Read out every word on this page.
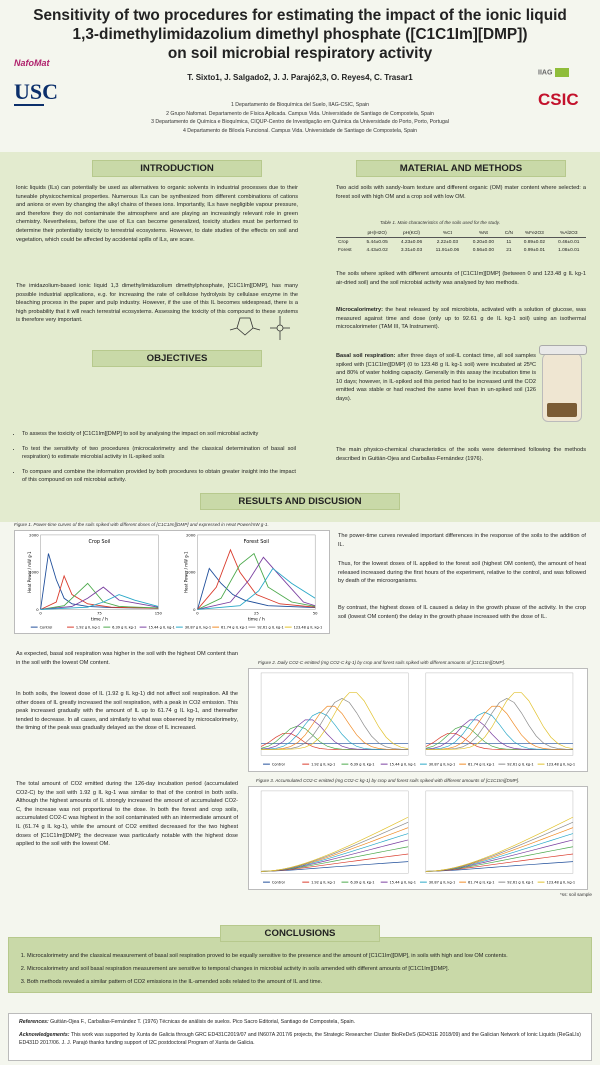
Sensitivity of two procedures for estimating the impact of the ionic liquid
1,3-dimethylimidazolium dimethyl phosphate ([C1C1Im][DMP])
on soil microbial respiratory activity
NafoMat
USC
IIAG
CSIC
T. Sixto1, J. Salgado2, J. J. Parajó2,3, O. Reyes4, C. Trasar1
1 Departamento de Bioquímica del Suelo, IIAG-CSIC, Spain
2 Grupo Nafomat. Departamento de Física Aplicada. Campus Vida. Universidade de Santiago de Compostela, Spain
3 Departamento de Química e Bioquímica, CIQUP-Centro de Investigação em Química da Universidade do Porto, Porto, Portugal
4 Departamento de Biloxía Funcional. Campus Vida. Universidade de Santiago de Compostela, Spain
INTRODUCTION
Ionic liquids (ILs) can potentially be used as alternatives to organic solvents in industrial processes due to their tuneable physicochemical properties. Numerous ILs can be synthesized from different combinations of cations and anions or even by changing the alkyl chains of theses ions. Importantly, ILs have negligible vapour pressure, and therefore they do not contaminate the atmosphere and are playing an increasingly relevant role in green chemistry. Nevertheless, before the use of ILs can become generalized, toxicity studies must be performed to determine their potentiality toxicity to terrestrial ecosystems. However, to date studies of the effects on soil and vegetation, which could be affected by accidental spills of ILs, are scare.
The imidazolium-based ionic liquid 1,3 dimethylimidazolium dimethylphosphate, [C1C1Im][DMP], has many possible industrial applications, e.g. for increasing the rate of cellulose hydrolysis by cellulase enzyme in the bleaching process in the paper and pulp industry. However, if the use of this IL becomes widespread, there is a high probability that it will reach terrestrial ecosystems. Assessing the toxicity of this compound to these systems is therefore very important.
OBJECTIVES
• To assess the toxicity of [C1C1Im][DMP] to soil by analysing the impact on soil microbial activity
• To test the sensitivity of two procedures (microcalorimetry and the classical determination of basal soil respiration) to estimate microbial activity in IL-spiked soils
• To compare and combine the information provided by both procedures to obtain greater insight into the impact of this compound on soil microbial activity.
MATERIAL AND METHODS
Two acid soils with sandy-loam texture and different organic (OM) mater content where selected: a forest soil with high OM and a crop soil with low OM.
Table 1. Main characteristics of the soils used for the study.
	pH(H2O)	pH(KCl)	%Ct	%Nt	C/N	%Fe2O3	%Al2O3
Crop	5.44±0.05	4.23±0.06	2.22±0.03	0.20±0.00	11	0.89±0.02	0.46±0.01
Forest	4.43±0.02	3.31±0.03	11.91±0.06	0.56±0.00	21	0.99±0.01	1.08±0.01
The soils where spiked with different amounts of [C1C1Im][DMP] (between 0 and 123.48 g IL kg-1 air-dried soil) and the soil microbial activity was analysed by two methods.
Microcalorimetry: the heat released by soil microbiota, activated with a solution of glucose, was measured against time and dose (only up to 92.61 g de IL kg-1 soil) using an isothermal microcalorimeter (TAM III, TA Instrument).
Basal soil respiration: after three days of soil-IL contact time, all soil samples spiked with [C1C1Im][DMP] (0 to 123.48 g IL kg-1 soil) were incubated at 25ºC and 80% of water holding capacity. Generally in this assay the incubation time is 10 days; however, in IL-spiked soil this period had to be increased until the CO2 emitted was stable or had reached the same level than in un-spiked soil (126 days).
The main physico-chemical characteristics of the soils were determined following the methods described in Guitián-Ojea and Carballas-Fernández (1976).
RESULTS AND DISCUSION
Figure 1. Power-time curves of the soils spiked with different doses of [C1C1Im][DMP] and expressed in Heat Power/mW g-1.
Crop Soil
time / h
Heat Power / mW g-1
0	75	150
0
1000
2000
Forest Soil
time / h
Heat Power / mW g-1
0	25	50
0
1000
2000
Control	1.92 g IL kg-1	6.39 g IL kg-1	15.44 g IL kg-1	30.87 g IL kg-1	61.74 g IL kg-1	92.61 g IL kg-1	123.48 g IL kg-1
The power-time curves revealed important differences in the response of the soils to the addition of IL.
Thus, for the lowest doses of IL applied to the forest soil (highest OM content), the amount of heat released increased during the first hours of the experiment, relative to the control, and was followed by death of the microorganisms.
By contrast, the highest doses of IL caused a delay in the growth phase of the activity. In the crop soil (lowest OM content) the delay in the growth phase increased with the dose of IL.
As expected, basal soil respiration was higher in the soil with the highest OM content than in the soil with the lowest OM content.
In both soils, the lowest dose of IL (1.92 g IL kg-1) did not affect soil respiration. All the other doses of IL greatly increased the soil respiration, with a peak in CO2 emission. This peak increased gradually with the amount of IL up to 61.74 g IL kg-1, and thereafter tended to decrease. In all cases, and similarly to what was observed by microcalorimetry, the timing of the peak was gradually delayed as the dose of IL increased.
The total amount of CO2 emitted during the 126-day incubation period (accumulated CO2-C) by the soil with 1.92 g IL kg-1 was similar to that of the control in both soils. Although the highest amounts of IL strongly increased the amount of accumulated CO2-C, the increase was not proportional to the dose. In both the forest and crop soils, accumulated CO2-C was highest in the soil contaminated with an intermediate amount of IL (61.74 g IL kg-1), while the amount of CO2 emitted decreased for the two highest doses of [C1C1Im][DMP]; the decrease was particularly notable with the highest dose applied to the soil with the lowest OM.
Figure 2. Daily CO2-C emitted (mg CO2-C kg-1) by crop and forest soils spiked with different amounts of [C1C1Im][DMP].
Control	1.92 g IL kg-1	6.39 g IL kg-1	15.44 g IL kg-1	30.87 g IL kg-1	61.74 g IL kg-1	92.61 g IL kg-1	123.48 g IL kg-1
Figure 3. Accumulated CO2-C emitted (mg CO2-C kg-1) by crop and forest soils spiked with different amounts of [C1C1Im][DMP].
Control	1.92 g IL kg-1	6.39 g IL kg-1	15.44 g IL kg-1	30.87 g IL kg-1	61.74 g IL kg-1	92.61 g IL kg-1	123.48 g IL kg-1
*ss: soil sample
CONCLUSIONS
1. Microcalorimetry and the classical measurement of basal soil respiration proved to be equally sensitive to the presence and the amount of [C1C1Im][DMP], in soils with high and low OM contents.
2. Microcalorimetry and soil basal respiration measurement are sensitive to temporal changes in microbial activity in soils amended with different amounts of [C1C1Im][DMP].
3. Both methods revealed a similar pattern of CO2 emissions in the IL-amended soils related to the amount of IL and time.
References: Guitián-Ojea F., Carballas-Fernández T. (1976) Técnicas de análisis de suelos. Pico Sacro Editorial, Santiago de Compostela, Spain.
Acknowledgements: This work was supported by Xunta de Galicia through GRC ED431C2019/07 and IN607A 2017/6 projects, the Strategic Researcher Cluster BioReDeS (ED431E 2018/09) and the Galician Network of Ionic Liquids (ReGaLIs) ED431D 2017/06. J. J. Parajó thanks funding support of I2C postdoctoral Program of Xunta de Galicia.
